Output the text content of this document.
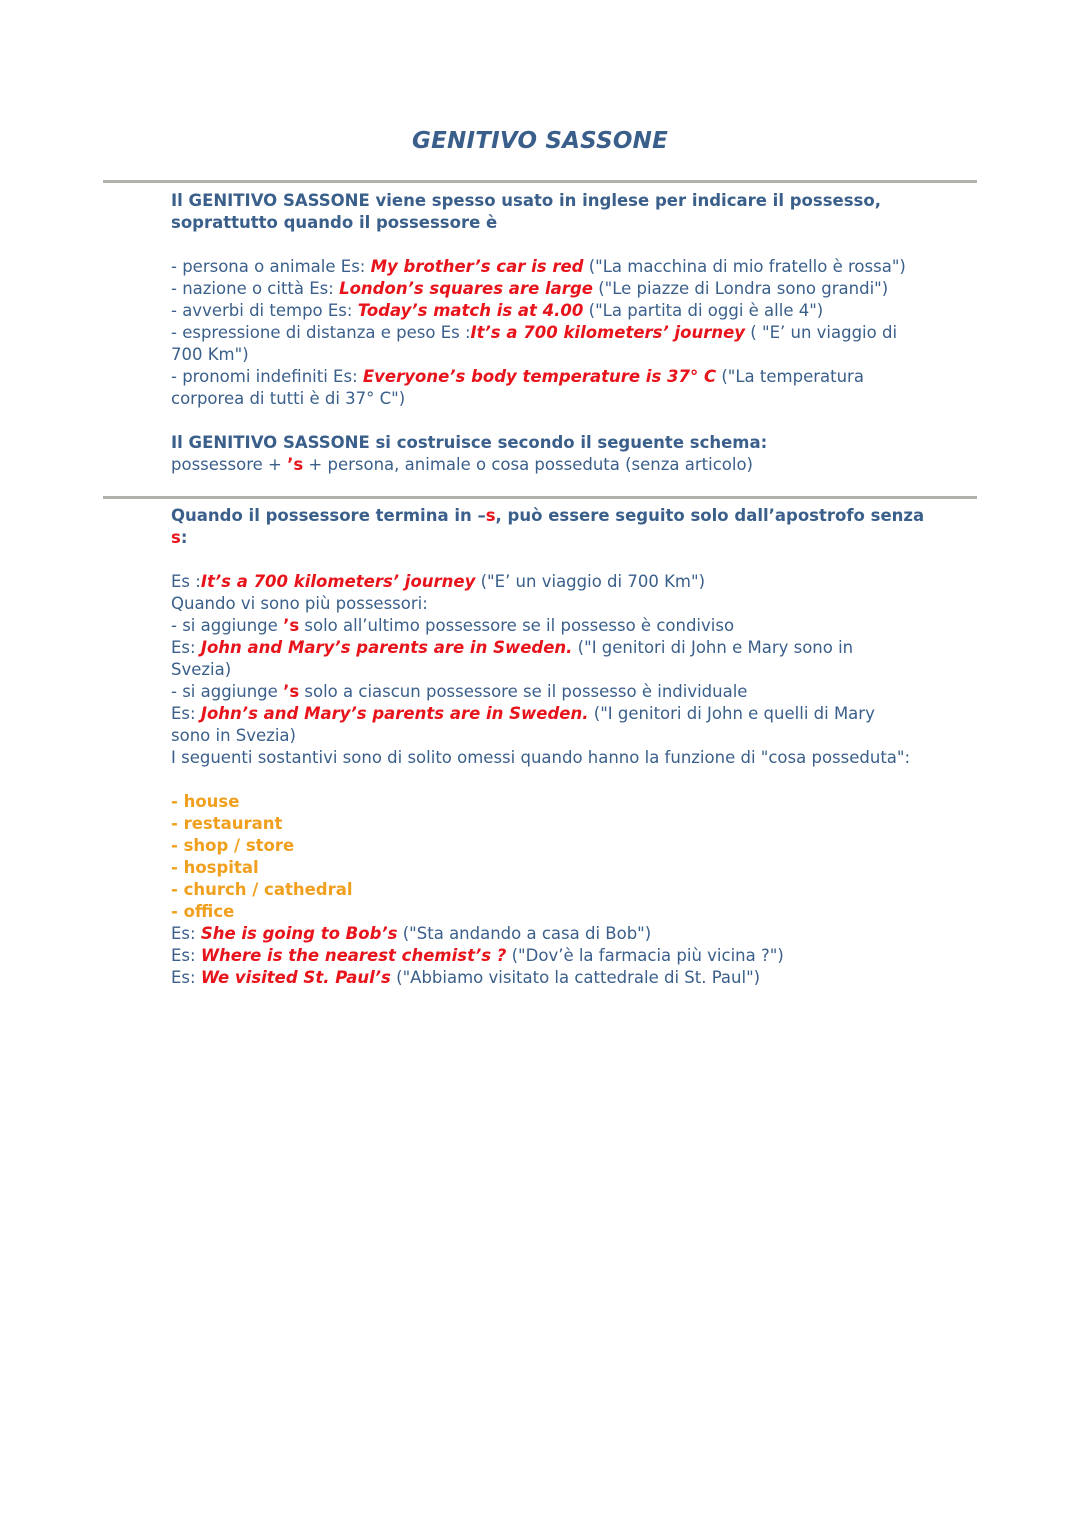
GENITIVO SASSONE
Il GENITIVO SASSONE viene spesso usato in inglese per indicare il possesso,
soprattutto quando il possessore è
- persona o animale Es: My brother’s car is red ("La macchina di mio fratello è rossa")
- nazione o città Es: London’s squares are large ("Le piazze di Londra sono grandi")
- avverbi di tempo Es: Today’s match is at 4.00 ("La partita di oggi è alle 4")
- espressione di distanza e peso Es :It’s a 700 kilometers’ journey ( "E’ un viaggio di
700 Km")
- pronomi indefiniti Es: Everyone’s body temperature is 37° C ("La temperatura
corporea di tutti è di 37° C")
Il GENITIVO SASSONE si costruisce secondo il seguente schema:
possessore + ’s + persona, animale o cosa posseduta (senza articolo)
Quando il possessore termina in –s, può essere seguito solo dall’apostrofo senza
s:
Es :It’s a 700 kilometers’ journey ("E’ un viaggio di 700 Km")
Quando vi sono più possessori:
- si aggiunge ’s solo all’ultimo possessore se il possesso è condiviso
Es: John and Mary’s parents are in Sweden. ("I genitori di John e Mary sono in
Svezia)
- si aggiunge ’s solo a ciascun possessore se il possesso è individuale
Es: John’s and Mary’s parents are in Sweden. ("I genitori di John e quelli di Mary
sono in Svezia)
I seguenti sostantivi sono di solito omessi quando hanno la funzione di "cosa posseduta":
- house
- restaurant
- shop / store
- hospital
- church / cathedral
- office
Es: She is going to Bob’s ("Sta andando a casa di Bob")
Es: Where is the nearest chemist’s ? ("Dov’è la farmacia più vicina ?")
Es: We visited St. Paul’s ("Abbiamo visitato la cattedrale di St. Paul")
